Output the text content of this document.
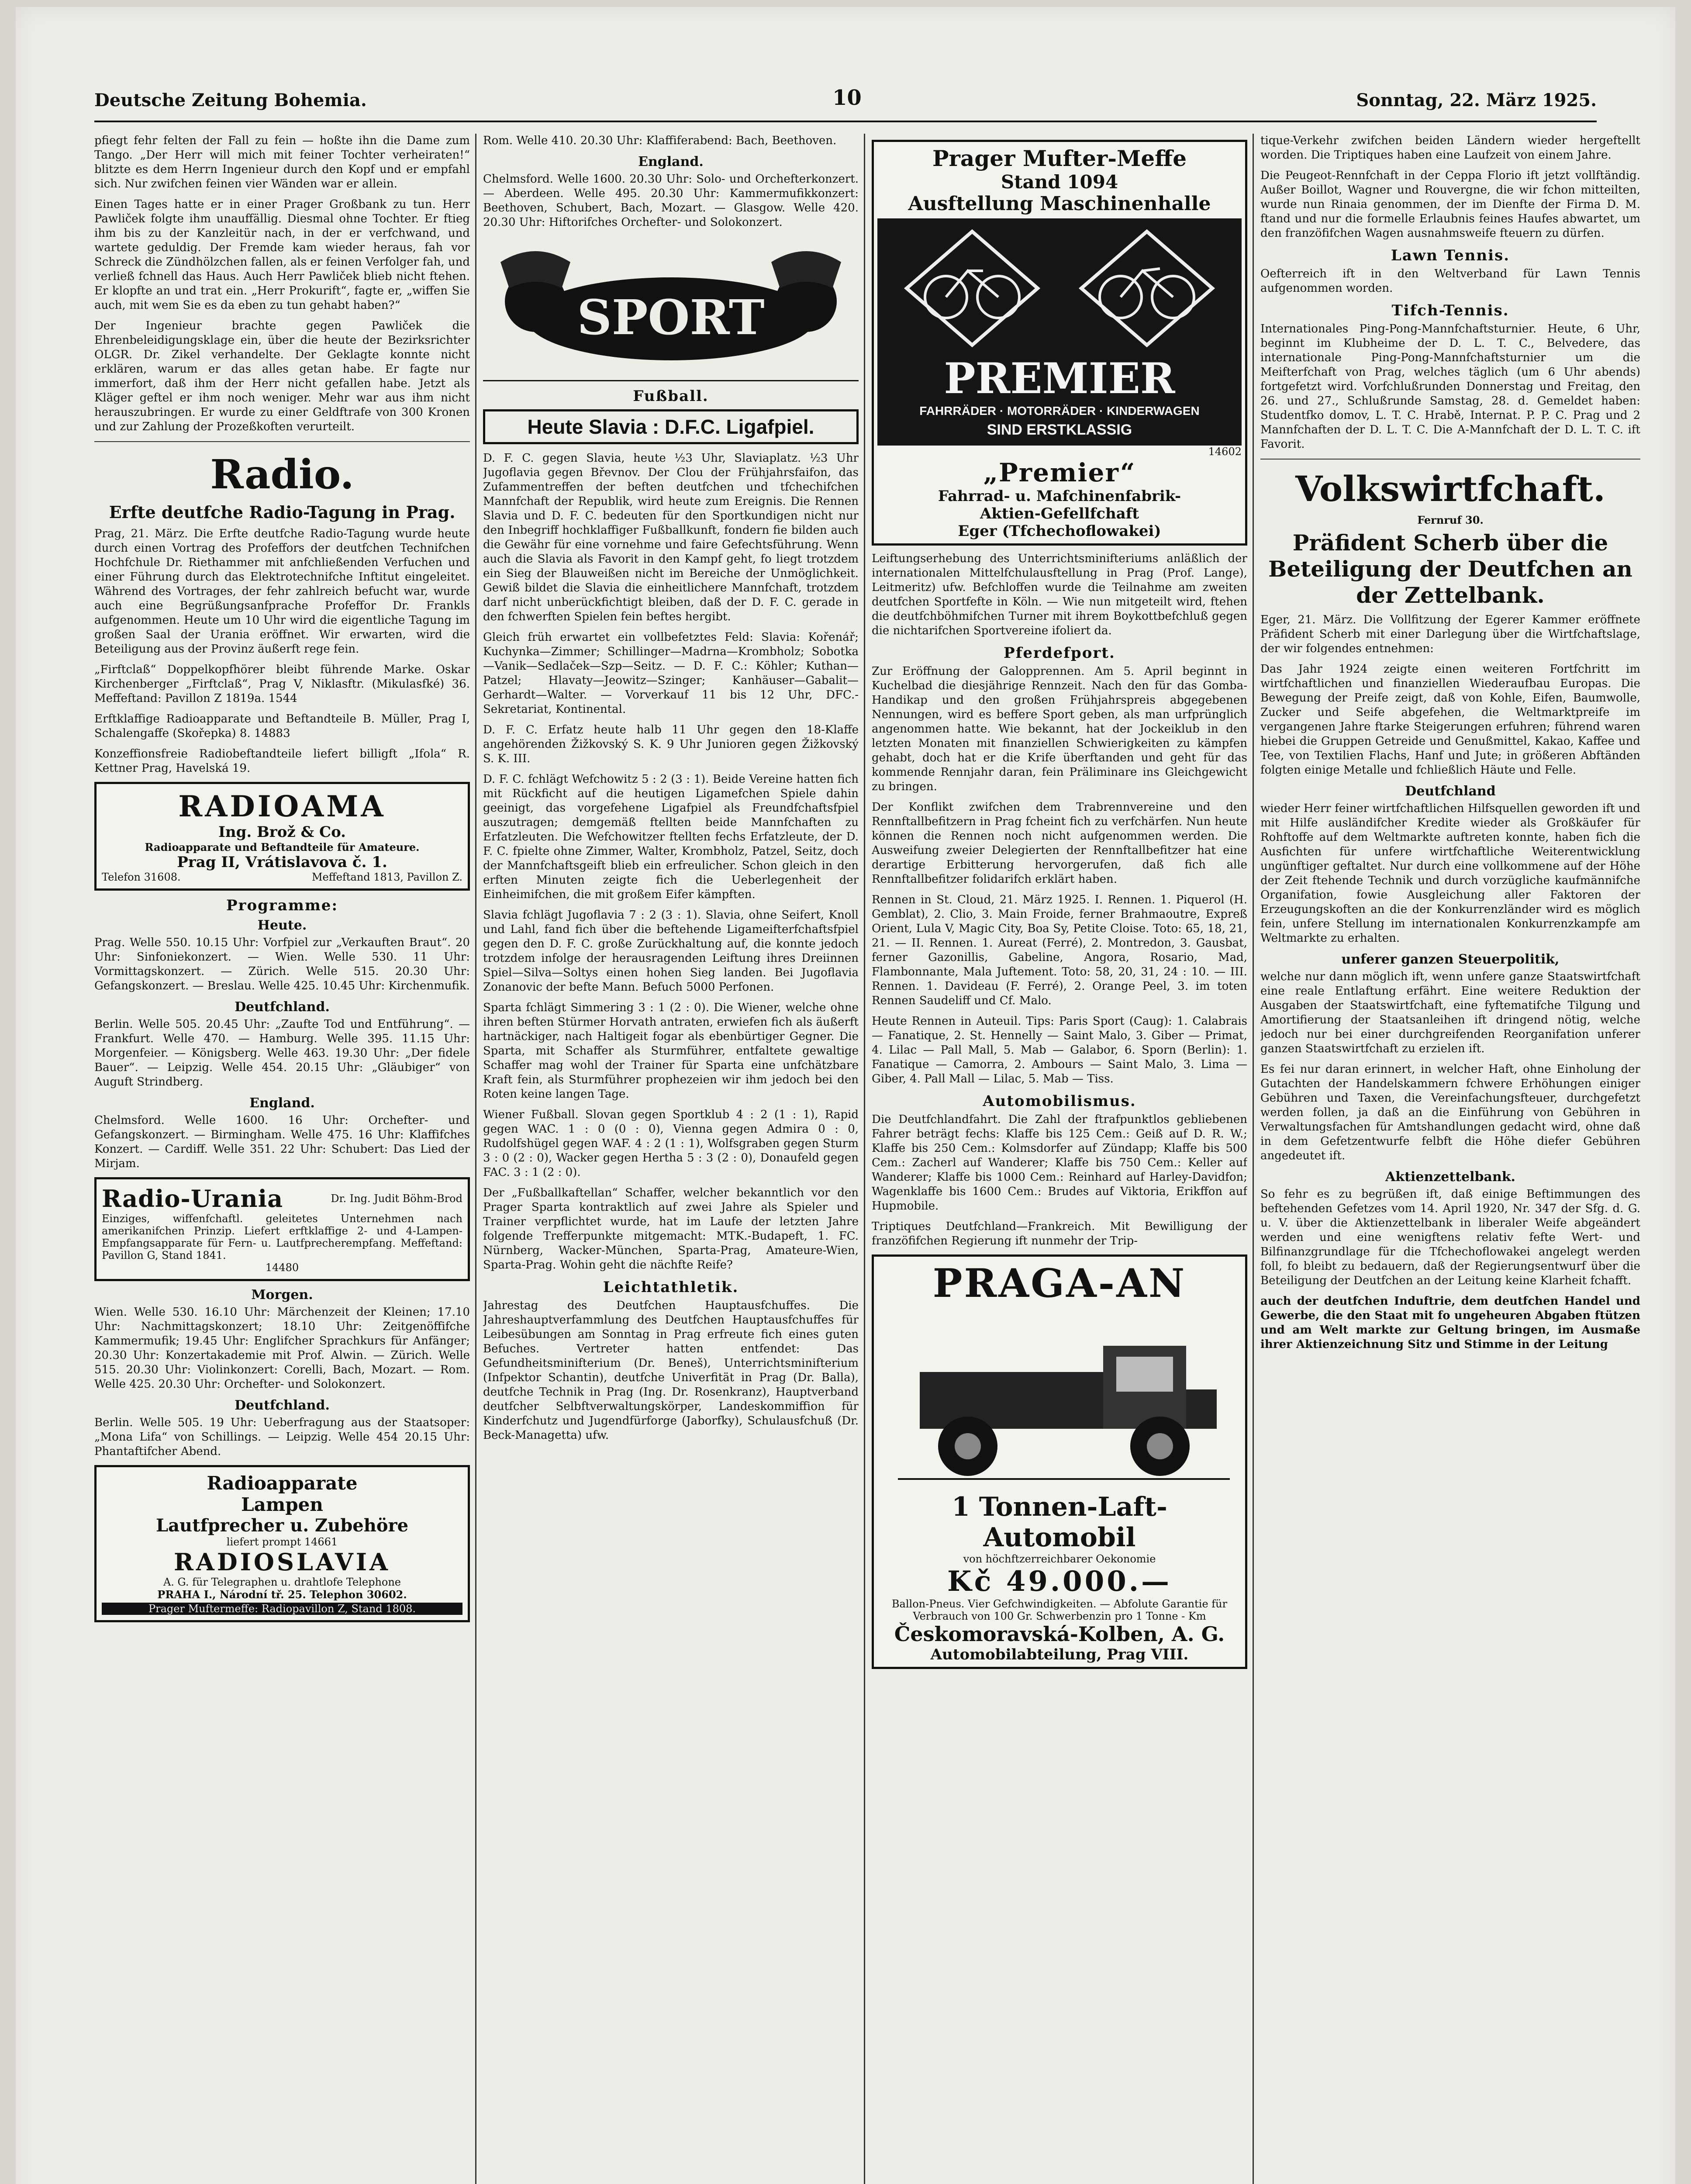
Deutsche Zeitung Bohemia.	10	Sonntag, 22. März 1925.

pfiegt fehr felten der Fall zu fein — hoßte ihn die Dame zum Tango. „Der Herr will mich mit feiner Tochter verheiraten!“ blitzte es dem Herrn Ingenieur durch den Kopf und er empfahl sich. Nur zwifchen feinen vier Wänden war er allein.

Einen Tages hatte er in einer Prager Großbank zu tun. Herr Pawliček folgte ihm unauffällig. Diesmal ohne Tochter. Er ftieg ihm bis zu der Kanzleitür nach, in der er verfchwand, und wartete geduldig. Der Fremde kam wieder heraus, fah vor Schreck die Zündhölzchen fallen, als er feinen Verfolger fah, und verließ fchnell das Haus. Auch Herr Pawliček blieb nicht ftehen. Er klopfte an und trat ein. „Herr Prokurift“, fagte er, „wiffen Sie auch, mit wem Sie es da eben zu tun gehabt haben?“

Der Ingenieur brachte gegen Pawliček die Ehrenbeleidigungsklage ein, über die heute der Bezirksrichter OLGR. Dr. Zikel verhandelte. Der Geklagte konnte nicht erklären, warum er das alles getan habe. Er fagte nur immerfort, daß ihm der Herr nicht gefallen habe. Jetzt als Kläger geftel er ihm noch weniger. Mehr war aus ihm nicht herauszubringen. Er wurde zu einer Geldftrafe von 300 Kronen und zur Zahlung der Prozeßkoften verurteilt.

Radio.
Erfte deutfche Radio-Tagung in Prag.

Prag, 21. März. Die Erfte deutfche Radio-Tagung wurde heute durch einen Vortrag des Profeffors der deutfchen Technifchen Hochfchule Dr. Riethammer mit anfchließenden Verfuchen und einer Führung durch das Elektrotechnifche Inftitut eingeleitet. Während des Vortrages, der fehr zahlreich befucht war, wurde auch eine Begrüßungsanfprache Profeffor Dr. Frankls aufgenommen. Heute um 10 Uhr wird die eigentliche Tagung im großen Saal der Urania eröffnet. Wir erwarten, wird die Beteiligung aus der Provinz äußerft rege fein.

„Firftclaß“ Doppelkopfhörer bleibt führende Marke. Oskar Kirchenberger „Firftclaß“, Prag V, Niklasftr. (Mikulasfké) 36. Meffeftand: Pavillon Z 1819a. 1544

Erftklaffige Radioapparate und Beftandteile B. Müller, Prag I, Schalengaffe (Skořepka) 8. 14883

Konzeffionsfreie Radiobeftandteile liefert billigft „Ifola“ R. Kettner Prag, Havelská 19.

RADIOAMA
Ing. Brož & Co.
Radioapparate und Beftandteile für Amateure.
Prag II, Vrátislavova č. 1.
Telefon 31608.	Meffeftand 1813, Pavillon Z.
Programme:
Heute.

Prag. Welle 550. 10.15 Uhr: Vorfpiel zur „Verkauften Braut“. 20 Uhr: Sinfoniekonzert. — Wien. Welle 530. 11 Uhr: Vormittagskonzert. — Zürich. Welle 515. 20.30 Uhr: Gefangskonzert. — Breslau. Welle 425. 10.45 Uhr: Kirchenmufik.

Deutfchland.

Berlin. Welle 505. 20.45 Uhr: „Zaufte Tod und Entführung“. — Frankfurt. Welle 470. — Hamburg. Welle 395. 11.15 Uhr: Morgenfeier. — Königsberg. Welle 463. 19.30 Uhr: „Der fidele Bauer“. — Leipzig. Welle 454. 20.15 Uhr: „Gläubiger“ von Auguft Strindberg.

England.

Chelmsford. Welle 1600. 16 Uhr: Orchefter- und Gefangskonzert. — Birmingham. Welle 475. 16 Uhr: Klaffifches Konzert. — Cardiff. Welle 351. 22 Uhr: Schubert: Das Lied der Mirjam.

Radio-Urania	Dr. Ing. Judit Böhm-Brod
Einziges, wiffenfchaftl. geleitetes Unternehmen nach amerikanifchen Prinzip. Liefert erftklaffige 2- und 4-Lampen-Empfangsapparate für Fern- u. Lautfprecherempfang. Meffeftand: Pavillon G, Stand 1841.
14480
Morgen.

Wien. Welle 530. 16.10 Uhr: Märchenzeit der Kleinen; 17.10 Uhr: Nachmittagskonzert; 18.10 Uhr: Zeitgenöffifche Kammermufik; 19.45 Uhr: Englifcher Sprachkurs für Anfänger; 20.30 Uhr: Konzertakademie mit Prof. Alwin. — Zürich. Welle 515. 20.30 Uhr: Violinkonzert: Corelli, Bach, Mozart. — Rom. Welle 425. 20.30 Uhr: Orchefter- und Solokonzert.

Deutfchland.

Berlin. Welle 505. 19 Uhr: Ueberfragung aus der Staatsoper: „Mona Lifa“ von Schillings. — Leipzig. Welle 454 20.15 Uhr: Phantaftifcher Abend.

Radioapparate
Lampen
Lautfprecher u. Zubehöre
liefert prompt 14661
RADIOSLAVIA
A. G. für Telegraphen u. drahtlofe Telephone
PRAHA I., Národní tř. 25. Telephon 30602.
Prager Muftermeffe: Radiopavillon Z, Stand 1808.

Rom. Welle 410. 20.30 Uhr: Klaffiferabend: Bach, Beethoven.

England.

Chelmsford. Welle 1600. 20.30 Uhr: Solo- und Orchefterkonzert. — Aberdeen. Welle 495. 20.30 Uhr: Kammermufikkonzert: Beethoven, Schubert, Bach, Mozart. — Glasgow. Welle 420. 20.30 Uhr: Hiftorifches Orchefter- und Solokonzert.

SPORT
Fußball.
Heute Slavia : D.F.C. Ligafpiel.

D. F. C. gegen Slavia, heute ½3 Uhr, Slaviaplatz. ½3 Uhr Jugoflavia gegen Břevnov. Der Clou der Frühjahrsfaifon, das Zufammentreffen der beften deutfchen und tfchechifchen Mannfchaft der Republik, wird heute zum Ereignis. Die Rennen Slavia und D. F. C. bedeuten für den Sportkundigen nicht nur den Inbegriff hochklaffiger Fußballkunft, fondern fie bilden auch die Gewähr für eine vornehme und faire Gefechtsführung. Wenn auch die Slavia als Favorit in den Kampf geht, fo liegt trotzdem ein Sieg der Blauweißen nicht im Bereiche der Unmöglichkeit. Gewiß bildet die Slavia die einheitlichere Mannfchaft, trotzdem darf nicht unberückfichtigt bleiben, daß der D. F. C. gerade in den fchwerften Spielen fein beftes hergibt.

Gleich früh erwartet ein vollbefetztes Feld: Slavia: Kořenář; Kuchynka—Zimmer; Schillinger—Madrna—Krombholz; Sobotka—Vanik—Sedlaček—Szp—Seitz. — D. F. C.: Köhler; Kuthan—Patzel; Hlavaty—Jeowitz—Szinger; Kanhäuser—Gabalit—Gerhardt—Walter. — Vorverkauf 11 bis 12 Uhr, DFC.-Sekretariat, Kontinental.

D. F. C. Erfatz heute halb 11 Uhr gegen den 18-Klaffe angehörenden Žižkovský S. K. 9 Uhr Junioren gegen Žižkovský S. K. III.

D. F. C. fchlägt Wefchowitz 5 : 2 (3 : 1). Beide Vereine hatten fich mit Rückficht auf die heutigen Ligamefchen Spiele dahin geeinigt, das vorgefehene Ligafpiel als Freundfchaftsfpiel auszutragen; demgemäß ftellten beide Mannfchaften zu Erfatzleuten. Die Wefchowitzer ftellten fechs Erfatzleute, der D. F. C. fpielte ohne Zimmer, Walter, Krombholz, Patzel, Seitz, doch der Mannfchaftsgeift blieb ein erfreulicher. Schon gleich in den erften Minuten zeigte fich die Ueberlegenheit der Einheimifchen, die mit großem Eifer kämpften.

Slavia fchlägt Jugoflavia 7 : 2 (3 : 1). Slavia, ohne Seifert, Knoll und Lahl, fand fich über die beftehende Ligameifterfchaftsfpiel gegen den D. F. C. große Zurückhaltung auf, die konnte jedoch trotzdem infolge der herausragenden Leiftung ihres Dreiinnen Spiel—Silva—Soltys einen hohen Sieg landen. Bei Jugoflavia Zonanovic der befte Mann. Befuch 5000 Perfonen.

Sparta fchlägt Simmering 3 : 1 (2 : 0). Die Wiener, welche ohne ihren beften Stürmer Horvath antraten, erwiefen fich als äußerft hartnäckiger, nach Haltigeit fogar als ebenbürtiger Gegner. Die Sparta, mit Schaffer als Sturmführer, entfaltete gewaltige Schaffer mag wohl der Trainer für Sparta eine unfchätzbare Kraft fein, als Sturmführer prophezeien wir ihm jedoch bei den Roten keine langen Tage.

Wiener Fußball. Slovan gegen Sportklub 4 : 2 (1 : 1), Rapid gegen WAC. 1 : 0 (0 : 0), Vienna gegen Admira 0 : 0, Rudolfshügel gegen WAF. 4 : 2 (1 : 1), Wolfsgraben gegen Sturm 3 : 0 (2 : 0), Wacker gegen Hertha 5 : 3 (2 : 0), Donaufeld gegen FAC. 3 : 1 (2 : 0).

Der „Fußballkaftellan“ Schaffer, welcher bekanntlich vor den Prager Sparta kontraktlich auf zwei Jahre als Spieler und Trainer verpflichtet wurde, hat im Laufe der letzten Jahre folgende Trefferpunkte mitgemacht: MTK.-Budapeft, 1. FC. Nürnberg, Wacker-München, Sparta-Prag, Amateure-Wien, Sparta-Prag. Wohin geht die nächfte Reife?

Leichtathletik.

Jahrestag des Deutfchen Hauptausfchuffes. Die Jahreshauptverfammlung des Deutfchen Hauptausfchuffes für Leibesübungen am Sonntag in Prag erfreute fich eines guten Befuches. Vertreter hatten entfendet: Das Gefundheitsminifterium (Dr. Beneš), Unterrichtsminifterium (Infpektor Schantin), deutfche Univerfität in Prag (Dr. Balla), deutfche Technik in Prag (Ing. Dr. Rosenkranz), Hauptverband deutfcher Selbftverwaltungskörper, Landeskommiffion für Kinderfchutz und Jugendfürforge (Jaborfky), Schulausfchuß (Dr. Beck-Managetta) ufw.

Prager Mufter-Meffe
Stand 1094
Ausftellung Maschinenhalle
PREMIER
FAHRRÄDER · MOTORRÄDER · KINDERWAGEN
SIND ERSTKLASSIG
14602
„Premier“
Fahrrad- u. Mafchinenfabrik-
Aktien-Gefellfchaft
Eger (Tfchechoflowakei)

Leiftungserhebung des Unterrichtsminifteriums anläßlich der internationalen Mittelfchulausftellung in Prag (Prof. Lange), Leitmeritz) ufw. Befchloffen wurde die Teilnahme am zweiten deutfchen Sportfefte in Köln. — Wie nun mitgeteilt wird, ftehen die deutfchböhmifchen Turner mit ihrem Boykottbefchluß gegen die nichtarifchen Sportvereine ifoliert da.

Pferdefport.

Zur Eröffnung der Galopprennen. Am 5. April beginnt in Kuchelbad die diesjährige Rennzeit. Nach den für das Gomba-Handikap und den großen Frühjahrspreis abgegebenen Nennungen, wird es beffere Sport geben, als man urfprünglich angenommen hatte. Wie bekannt, hat der Jockeiklub in den letzten Monaten mit finanziellen Schwierigkeiten zu kämpfen gehabt, doch hat er die Krife überftanden und geht für das kommende Rennjahr daran, fein Präliminare ins Gleichgewicht zu bringen.

Der Konflikt zwifchen dem Trabrennvereine und den Rennftallbefitzern in Prag fcheint fich zu verfchärfen. Nun heute können die Rennen noch nicht aufgenommen werden. Die Ausweifung zweier Delegierten der Rennftallbefitzer hat eine derartige Erbitterung hervorgerufen, daß fich alle Rennftallbefitzer folidarifch erklärt haben.

Rennen in St. Cloud, 21. März 1925. I. Rennen. 1. Piquerol (H. Gemblat), 2. Clio, 3. Main Froide, ferner Brahmaoutre, Expreß Orient, Lula V, Magic City, Boa Sy, Petite Cloise. Toto: 65, 18, 21, 21. — II. Rennen. 1. Aureat (Ferré), 2. Montredon, 3. Gausbat, ferner Gazonillis, Gabeline, Angora, Rosario, Mad, Flambonnante, Mala Juftement. Toto: 58, 20, 31, 24 : 10. — III. Rennen. 1. Davideau (F. Ferré), 2. Orange Peel, 3. im toten Rennen Saudeliff und Cf. Malo.

Heute Rennen in Auteuil. Tips: Paris Sport (Caug): 1. Calabrais — Fanatique, 2. St. Hennelly — Saint Malo, 3. Giber — Primat, 4. Lilac — Pall Mall, 5. Mab — Galabor, 6. Sporn (Berlin): 1. Fanatique — Camorra, 2. Ambours — Saint Malo, 3. Lima — Giber, 4. Pall Mall — Lilac, 5. Mab — Tiss.

Automobilismus.

Die Deutfchlandfahrt. Die Zahl der ftrafpunktlos gebliebenen Fahrer beträgt fechs: Klaffe bis 125 Cem.: Geiß auf D. R. W.; Klaffe bis 250 Cem.: Kolmsdorfer auf Zündapp; Klaffe bis 500 Cem.: Zacherl auf Wanderer; Klaffe bis 750 Cem.: Keller auf Wanderer; Klaffe bis 1000 Cem.: Reinhard auf Harley-Davidfon; Wagenklaffe bis 1600 Cem.: Brudes auf Viktoria, Erikffon auf Hupmobile.

Triptiques Deutfchland—Frankreich. Mit Bewilligung der franzöfifchen Regierung ift nunmehr der Trip-

PRAGA-AN
1 Tonnen-Laft-Automobil
von höchftzerreichbarer Oekonomie
Kč 49.000.—
Ballon-Pneus. Vier Gefchwindigkeiten. — Abfolute Garantie für Verbrauch von 100 Gr. Schwerbenzin pro 1 Tonne - Km
Českomoravská-Kolben, A. G.
Automobilabteilung, Prag VIII.

tique-Verkehr zwifchen beiden Ländern wieder hergeftellt worden. Die Triptiques haben eine Laufzeit von einem Jahre.

Die Peugeot-Rennfchaft in der Ceppa Florio ift jetzt vollftändig. Außer Boillot, Wagner und Rouvergne, die wir fchon mitteilten, wurde nun Rinaia genommen, der im Dienfte der Firma D. M. ftand und nur die formelle Erlaubnis feines Haufes abwartet, um den franzöfifchen Wagen ausnahmsweife fteuern zu dürfen.

Lawn Tennis.

Oefterreich ift in den Weltverband für Lawn Tennis aufgenommen worden.

Tifch-Tennis.

Internationales Ping-Pong-Mannfchaftsturnier. Heute, 6 Uhr, beginnt im Klubheime der D. L. T. C., Belvedere, das internationale Ping-Pong-Mannfchaftsturnier um die Meifterfchaft von Prag, welches täglich (um 6 Uhr abends) fortgefetzt wird. Vorfchlußrunden Donnerstag und Freitag, den 26. und 27., Schlußrunde Samstag, 28. d. Gemeldet haben: Studentfko domov, L. T. C. Hrabě, Internat. P. P. C. Prag und 2 Mannfchaften der D. L. T. C. Die A-Mannfchaft der D. L. T. C. ift Favorit.

Volkswirtfchaft.
Fernruf 30.
Präfident Scherb über die Beteiligung der Deutfchen an der Zettelbank.

Eger, 21. März. Die Vollfitzung der Egerer Kammer eröffnete Präfident Scherb mit einer Darlegung über die Wirtfchaftslage, der wir folgendes entnehmen:

Das Jahr 1924 zeigte einen weiteren Fortfchritt im wirtfchaftlichen und finanziellen Wiederaufbau Europas. Die Bewegung der Preife zeigt, daß von Kohle, Eifen, Baumwolle, Zucker und Seife abgefehen, die Weltmarktpreife im vergangenen Jahre ftarke Steigerungen erfuhren; führend waren hiebei die Gruppen Getreide und Genußmittel, Kakao, Kaffee und Tee, von Textilien Flachs, Hanf und Jute; in größeren Abftänden folgten einige Metalle und fchließlich Häute und Felle.

Deutfchland

wieder Herr feiner wirtfchaftlichen Hilfsquellen geworden ift und mit Hilfe ausländifcher Kredite wieder als Großkäufer für Rohftoffe auf dem Weltmarkte auftreten konnte, haben fich die Ausfichten für unfere wirtfchaftliche Weiterentwicklung ungünftiger geftaltet. Nur durch eine vollkommene auf der Höhe der Zeit ftehende Technik und durch vorzügliche kaufmännifche Organifation, fowie Ausgleichung aller Faktoren der Erzeugungskoften an die der Konkurrenzländer wird es möglich fein, unfere Stellung im internationalen Konkurrenzkampfe am Weltmarkte zu erhalten.

unferer ganzen Steuerpolitik,

welche nur dann möglich ift, wenn unfere ganze Staatswirtfchaft eine reale Entlaftung erfährt. Eine weitere Reduktion der Ausgaben der Staatswirtfchaft, eine fyftematifche Tilgung und Amortifierung der Staatsanleihen ift dringend nötig, welche jedoch nur bei einer durchgreifenden Reorganifation unferer ganzen Staatswirtfchaft zu erzielen ift.

Es fei nur daran erinnert, in welcher Haft, ohne Einholung der Gutachten der Handelskammern fchwere Erhöhungen einiger Gebühren und Taxen, die Vereinfachungsfteuer, durchgefetzt werden follen, ja daß an die Einführung von Gebühren in Verwaltungsfachen für Amtshandlungen gedacht wird, ohne daß in dem Gefetzentwurfe felbft die Höhe diefer Gebühren angedeutet ift.

Aktienzettelbank.

So fehr es zu begrüßen ift, daß einige Beftimmungen des beftehenden Gefetzes vom 14. April 1920, Nr. 347 der Sfg. d. G. u. V. über die Aktienzettelbank in liberaler Weife abgeändert werden und eine wenigftens relativ fefte Wert- und Bilfinanzgrundlage für die Tfchechoflowakei angelegt werden foll, fo bleibt zu bedauern, daß der Regierungsentwurf über die Beteiligung der Deutfchen an der Leitung keine Klarheit fchafft.

auch der deutfchen Induftrie, dem deutfchen Handel und Gewerbe, die den Staat mit fo ungeheuren Abgaben ftützen und am Welt markte zur Geltung bringen, im Ausmaße ihrer Aktienzeichnung Sitz und Stimme in der Leitung
